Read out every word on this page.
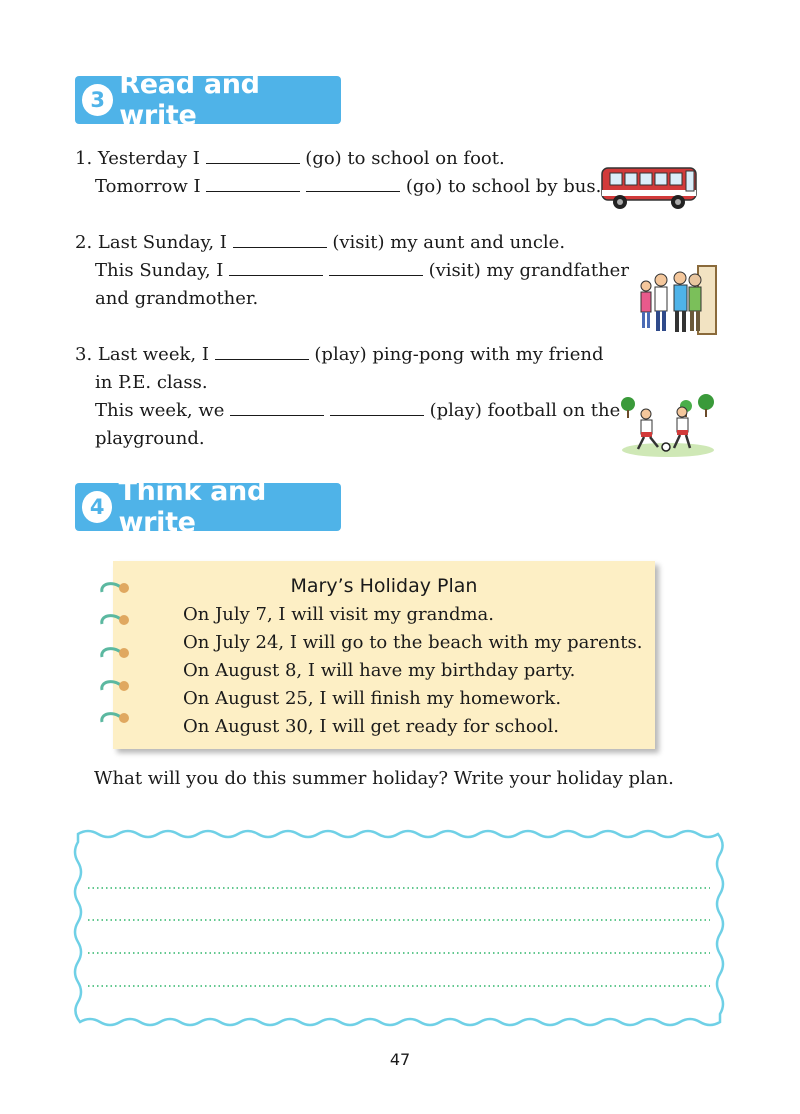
3 Read and write
1. Yesterday I	(go) to school on foot.
Tomorrow I	(go) to school by bus.
2. Last Sunday, I	(visit) my aunt and uncle.
This Sunday, I	(visit) my grandfather
and grandmother.
3. Last week, I	(play) ping-pong with my friend
in P.E. class.
This week, we	(play) football on the
playground.
4 Think and write
Mary’s Holiday Plan
On July 7, I will visit my grandma.
On July 24, I will go to the beach with my parents.
On August 8, I will have my birthday party.
On August 25, I will finish my homework.
On August 30, I will get ready for school.
What will you do this summer holiday? Write your holiday plan.
47
